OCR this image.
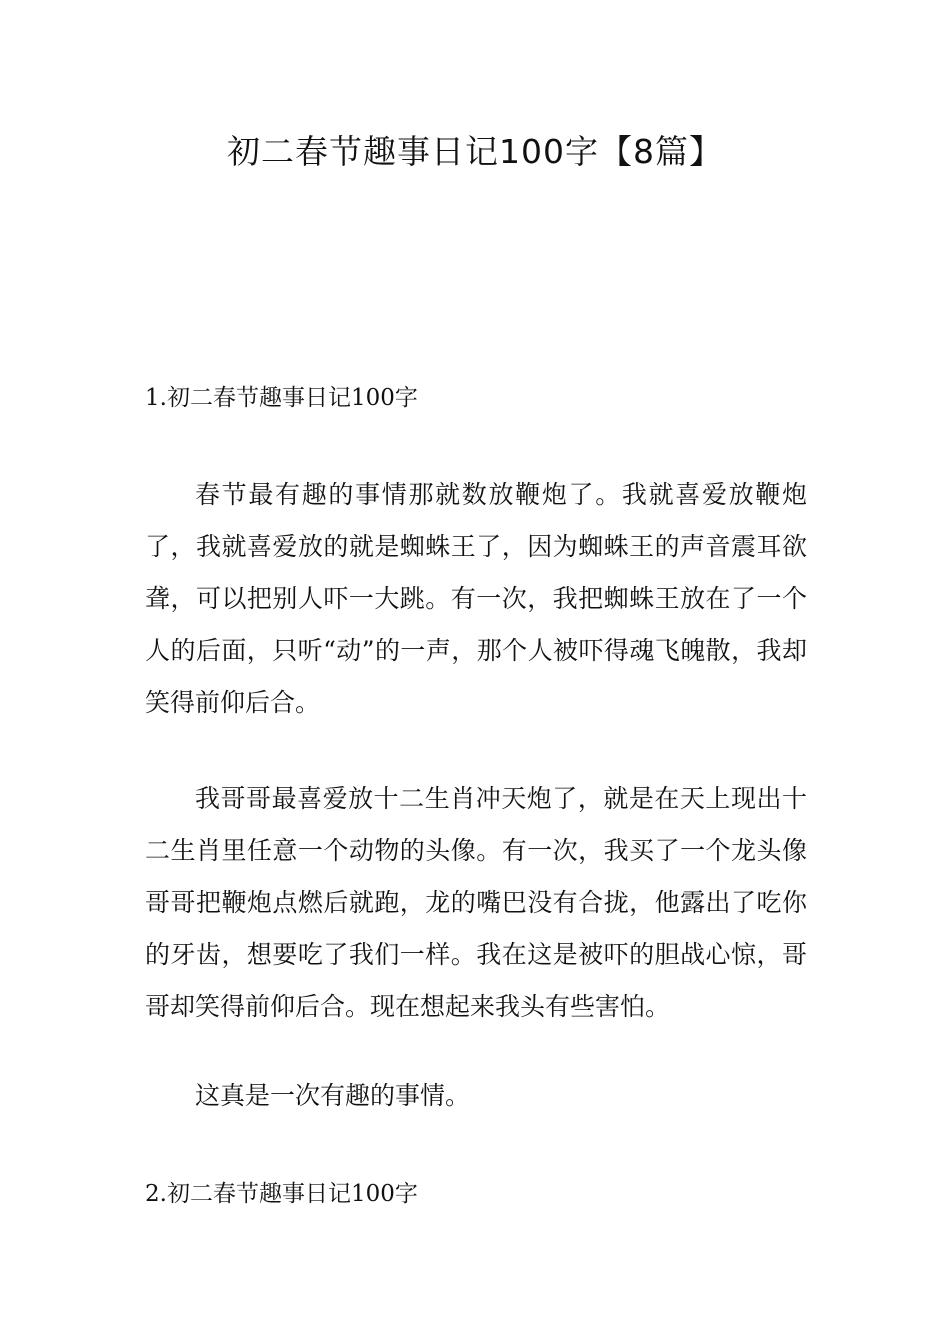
初二春节趣事日记100字【8篇】
1.初二春节趣事日记100字

春节最有趣的事情那就数放鞭炮了。我就喜爱放鞭炮了，我就喜爱放的就是蜘蛛王了，因为蜘蛛王的声音震耳欲聋，可以把别人吓一大跳。有一次，我把蜘蛛王放在了一个人的后面，只听“动”的一声，那个人被吓得魂飞魄散，我却笑得前仰后合。

我哥哥最喜爱放十二生肖冲天炮了，就是在天上现出十二生肖里任意一个动物的头像。有一次，我买了一个龙头像哥哥把鞭炮点燃后就跑，龙的嘴巴没有合拢，他露出了吃你的牙齿，想要吃了我们一样。我在这是被吓的胆战心惊，哥哥却笑得前仰后合。现在想起来我头有些害怕。

这真是一次有趣的事情。

2.初二春节趣事日记100字
